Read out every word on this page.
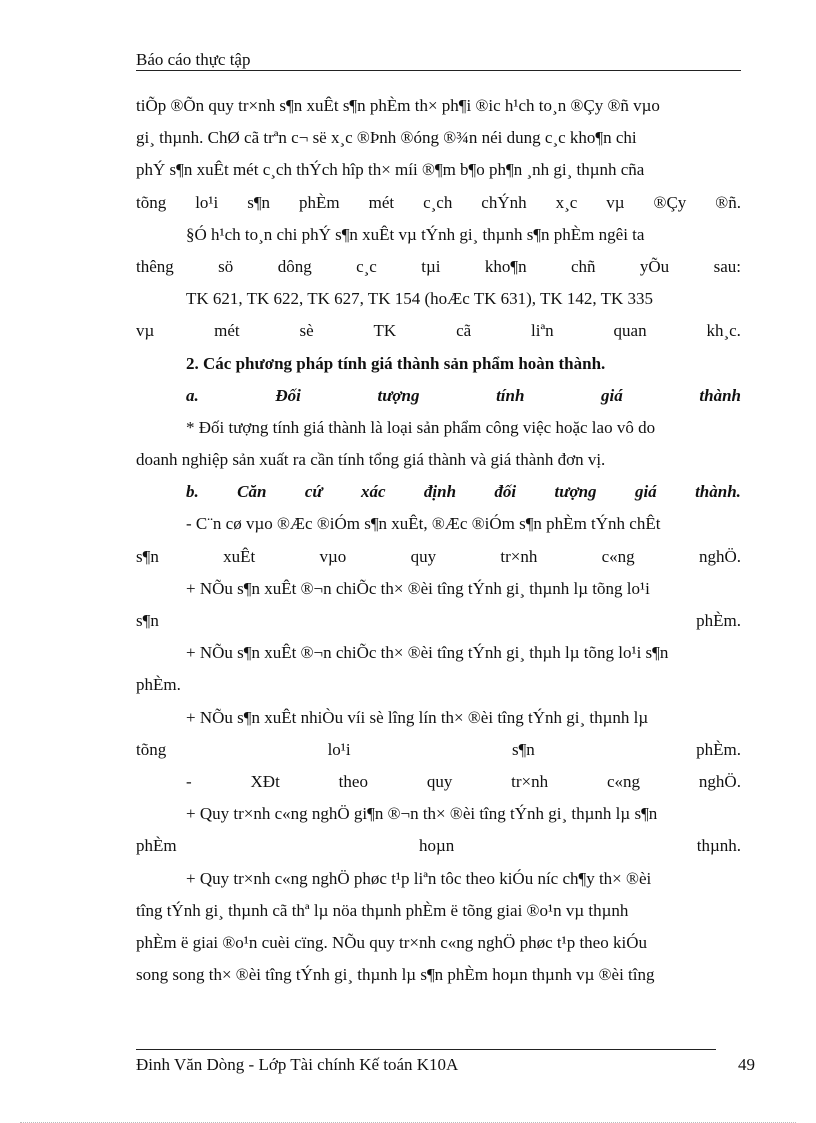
Báo cáo thực tập
tiÕp ®Õn quy tr×nh s¶n xuÊt s¶n phÈm th× ph¶i ®ic h¹ch to¸n ®Çy ®ñ vµo
gi¸ thµnh. ChØ cã trªn c¬ së x¸c ®Þnh ®óng ®¾n néi dung c¸c kho¶n chi
phÝ s¶n xuÊt mét c¸ch thÝch hîp th× míi ®¶m b¶o ph¶n ¸nh gi¸ thµnh cña
tõng lo¹i s¶n phÈm mét c¸ch chÝnh x¸c vµ ®Çy ®ñ.
§Ó h¹ch to¸n chi phÝ s¶n xuÊt vµ tÝnh gi¸ thµnh s¶n phÈm ngêi ta
thêng	sö	dông	c¸c	tµi	kho¶n	chñ	yÕu	sau:
TK 621, TK 622, TK 627, TK 154 (hoÆc TK 631), TK 142, TK 335
vµ	mét	sè	TK	cã	liªn	quan	kh¸c.
2. Các phương pháp tính giá thành sản phẩm hoàn thành.
a.	Đối	tượng	tính	giá	thành
* Đối tượng tính giá thành là loại sản phẩm công việc hoặc lao vô do
doanh nghiệp sản xuất ra cần tính tổng giá thành và giá thành đơn vị.
b. Căn cứ xác định đối tượng giá thành.
- C¨n cø vµo ®Æc ®iÓm s¶n xuÊt, ®Æc ®iÓm s¶n phÈm tÝnh chÊt
s¶n	xuÊt	vµo	quy	tr×nh	c«ng	nghÖ.
+ NÕu s¶n xuÊt ®¬n chiÕc th× ®èi tîng tÝnh gi¸ thµnh lµ tõng lo¹i
s¶n	phÈm.
+ NÕu s¶n xuÊt ®¬n chiÕc th× ®èi tîng tÝnh gi¸ thµh lµ tõng lo¹i s¶n
phÈm.
+ NÕu s¶n xuÊt nhiÒu víi sè lîng lín th× ®èi tîng tÝnh gi¸ thµnh lµ
tõng	lo¹i	s¶n	phÈm.
-	XÐt	theo	quy	tr×nh	c«ng	nghÖ.
+ Quy tr×nh c«ng nghÖ gi¶n ®¬n th× ®èi tîng tÝnh gi¸ thµnh lµ s¶n
phÈm	hoµn	thµnh.
+ Quy tr×nh c«ng nghÖ phøc t¹p liªn tôc theo kiÓu níc ch¶y th× ®èi
tîng tÝnh gi¸ thµnh cã thª lµ nöa thµnh phÈm ë tõng giai ®o¹n vµ thµnh
phÈm ë giai ®o¹n cuèi cïng. NÕu quy tr×nh c«ng nghÖ phøc t¹p theo kiÓu
song song th× ®èi tîng tÝnh gi¸ thµnh lµ s¶n phÈm hoµn thµnh vµ ®èi tîng
Đinh Văn Dòng - Lớp Tài chính Kế toán K10A	49
